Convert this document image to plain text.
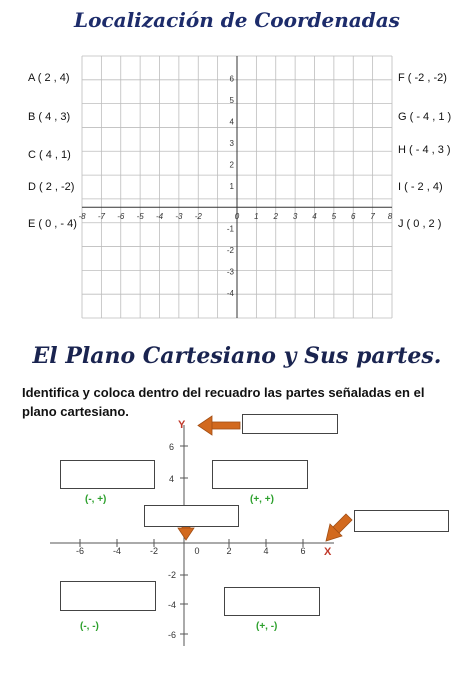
Localización de Coordenadas
A ( 2 , 4)
B ( 4 , 3)
C ( 4 , 1)
D ( 2 , -2)
E ( 0 , - 4)
F ( -2 , -2)
G ( - 4 , 1 )
H ( - 4 , 3 )
I ( - 2 , 4)
J ( 0 , 2 )
-8 -7 -6 -5 -4 -3 -2	0 1 2 3 4 5 6 7 8
6
5
4
3
2
1
-1
-2
-3
-4
El Plano Cartesiano y Sus partes.
Identifica y coloca dentro del recuadro las partes señaladas en el plano cartesiano.
6
4
-2
-4
-6
-6	-4	-2	0	2	4	6
Y
X
(-, +)	(+, +)
(-, -)	(+, -)
